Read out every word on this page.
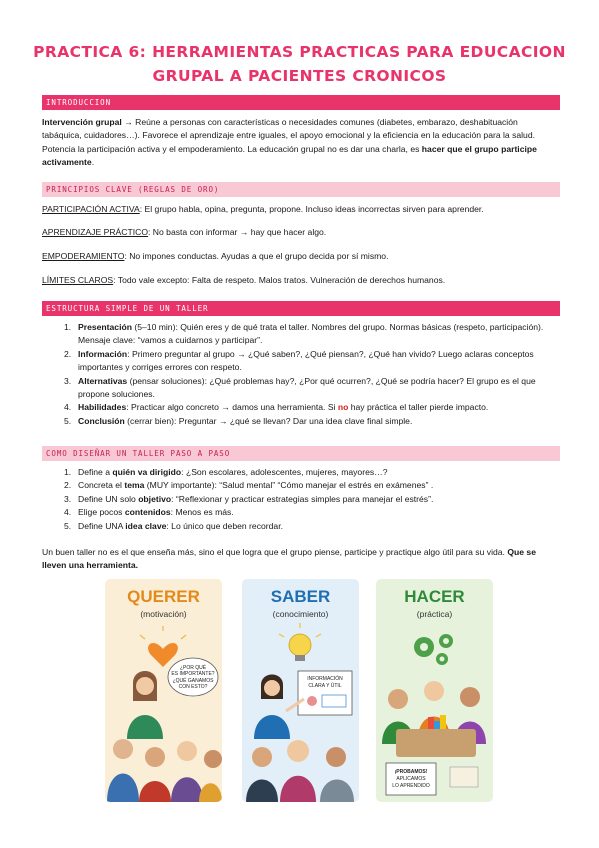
PRACTICA 6: HERRAMIENTAS PRACTICAS PARA EDUCACION
GRUPAL A PACIENTES CRONICOS
INTRODUCCION
Intervención grupal → Reúne a personas con características o necesidades comunes (diabetes, embarazo, deshabituación tabáquica, cuidadores…). Favorece el aprendizaje entre iguales, el apoyo emocional y la eficiencia en la educación para la salud. Potencia la participación activa y el empoderamiento. La educación grupal no es dar una charla, es hacer que el grupo participe activamente.
PRINCIPIOS CLAVE (REGLAS DE ORO)
PARTICIPACIÓN ACTIVA: El grupo habla, opina, pregunta, propone. Incluso ideas incorrectas sirven para aprender.
APRENDIZAJE PRÁCTICO: No basta con informar → hay que hacer algo.
EMPODERAMIENTO: No impones conductas. Ayudas a que el grupo decida por sí mismo.
LÍMITES CLAROS: Todo vale excepto: Falta de respeto. Malos tratos. Vulneración de derechos humanos.
ESTRUCTURA SIMPLE DE UN TALLER
1. Presentación (5–10 min): Quién eres y de qué trata el taller. Nombres del grupo. Normas básicas (respeto, participación). Mensaje clave: “vamos a cuidarnos y participar”.
2. Información: Primero preguntar al grupo → ¿Qué saben?, ¿Qué piensan?, ¿Qué han vivido? Luego aclaras conceptos importantes y corriges errores con respeto.
3. Alternativas (pensar soluciones): ¿Qué problemas hay?, ¿Por qué ocurren?, ¿Qué se podría hacer? El grupo es el que propone soluciones.
4. Habilidades: Practicar algo concreto → damos una herramienta. Si no hay práctica el taller pierde impacto.
5. Conclusión (cerrar bien): Preguntar → ¿qué se llevan? Dar una idea clave final simple.
COMO DISEÑAR UN TALLER PASO A PASO
1. Define a quién va dirigido: ¿Son escolares, adolescentes, mujeres, mayores…?
2. Concreta el tema (MUY importante): “Salud mental” “Cómo manejar el estrés en exámenes” .
3. Define UN solo objetivo: “Reflexionar y practicar estrategias simples para manejar el estrés”.
4. Elige pocos contenidos: Menos es más.
5. Define UNA idea clave: Lo único que deben recordar.
Un buen taller no es el que enseña más, sino el que logra que el grupo piense, participe y practique algo útil para su vida. Que se lleven una herramienta.
¿POR QUÉ
ES IMPORTANTE?
¿QUÉ GANAMOS
CON ESTO?
QUERER
(motivación)
INFORMACIÓN
CLARA Y ÚTIL
SABER
(conocimiento)
¡PROBAMOS!
APLICAMOS
LO APRENDIDO
HACER
(práctica)
